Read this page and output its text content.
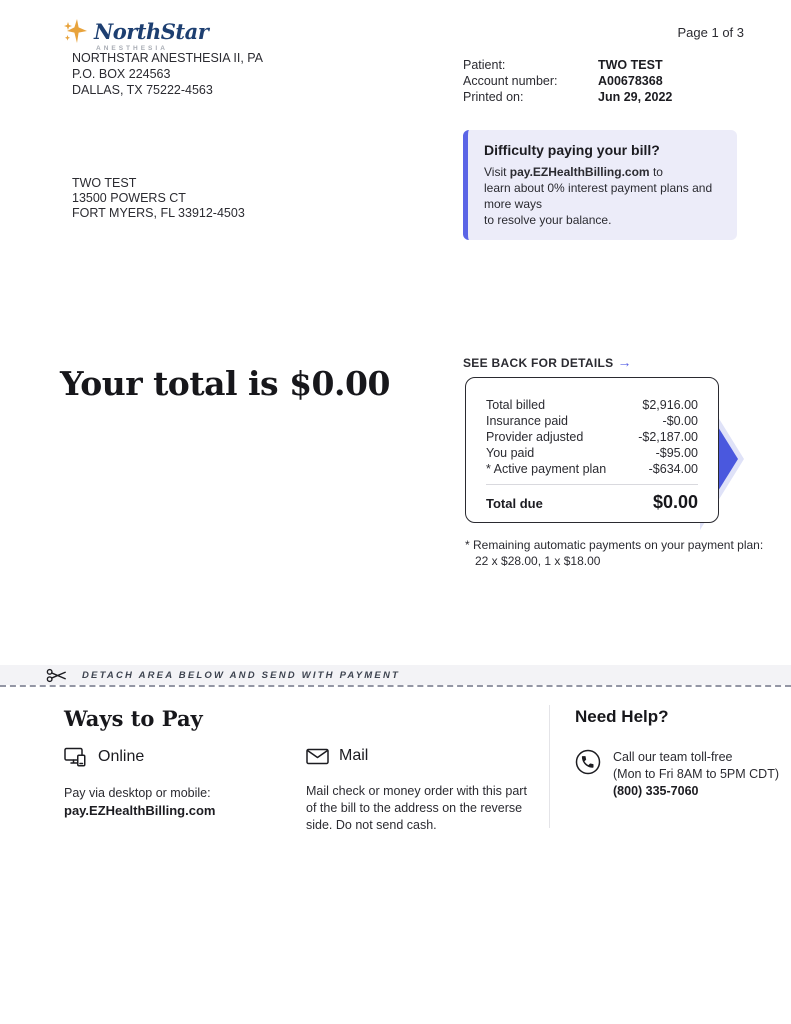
NorthStar
ANESTHESIA
NORTHSTAR ANESTHESIA II, PA
P.O. BOX 224563
DALLAS, TX 75222-4563
Page 1 of 3
Patient:	TWO TEST
Account number:	A00678368
Printed on:	Jun 29, 2022
Difficulty paying your bill?
Visit pay.EZHealthBilling.com to
learn about 0% interest payment plans and more ways
to resolve your balance.
TWO TEST
13500 POWERS CT
FORT MYERS, FL 33912-4503
Your total is $0.00
SEE BACK FOR DETAILS →
Total billed	$2,916.00
Insurance paid	-$0.00
Provider adjusted	-$2,187.00
You paid	-$95.00
* Active payment plan	-$634.00
Total due	$0.00
* Remaining automatic payments on your payment plan:
22 x $28.00, 1 x $18.00
DETACH AREA BELOW AND SEND WITH PAYMENT
Ways to Pay
Online
Pay via desktop or mobile:
pay.EZHealthBilling.com
Mail
Mail check or money order with this part of the bill to the address on the reverse side. Do not send cash.
Need Help?
Call our team toll-free
(Mon to Fri 8AM to 5PM CDT)
(800) 335-7060
